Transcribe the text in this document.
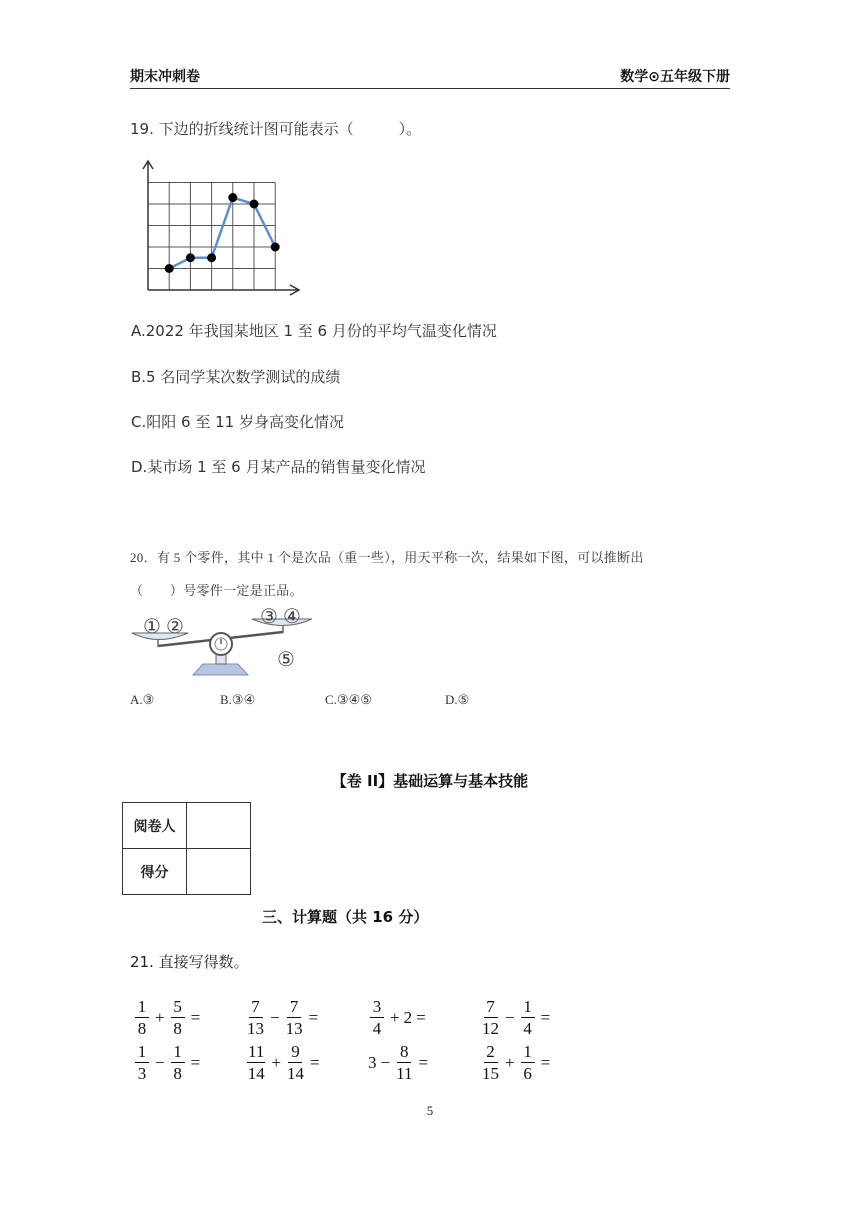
期末冲刺卷	数学⊙五年级下册
19. 下边的折线统计图可能表示（　　　）。
A.2022 年我国某地区 1 至 6 月份的平均气温变化情况
B.5 名同学某次数学测试的成绩
C.阳阳 6 至 11 岁身高变化情况
D.某市场 1 至 6 月某产品的销售量变化情况
20．有 5 个零件，其中 1 个是次品（重一些），用天平称一次，结果如下图，可以推断出
（　　）号零件一定是正品。
① ②	③ ④
⑤
A.③	B.③④	C.③④⑤	D.⑤
【卷 II】基础运算与基本技能
阅卷人	
得分	
三、计算题（共 16 分）
21. 直接写得数。
$\frac{1}{8} + \frac{5}{8}$ =	$\frac{7}{13} - \frac{7}{13}$ =	$\frac{3}{4} + 2$ =	$\frac{7}{12} - \frac{1}{4}$ =
$\frac{1}{3} - \frac{1}{8}$ =	$\frac{11}{14} + \frac{9}{14}$ =	$3 - \frac{8}{11}$ =	$\frac{2}{15} + \frac{1}{6}$ =
5
